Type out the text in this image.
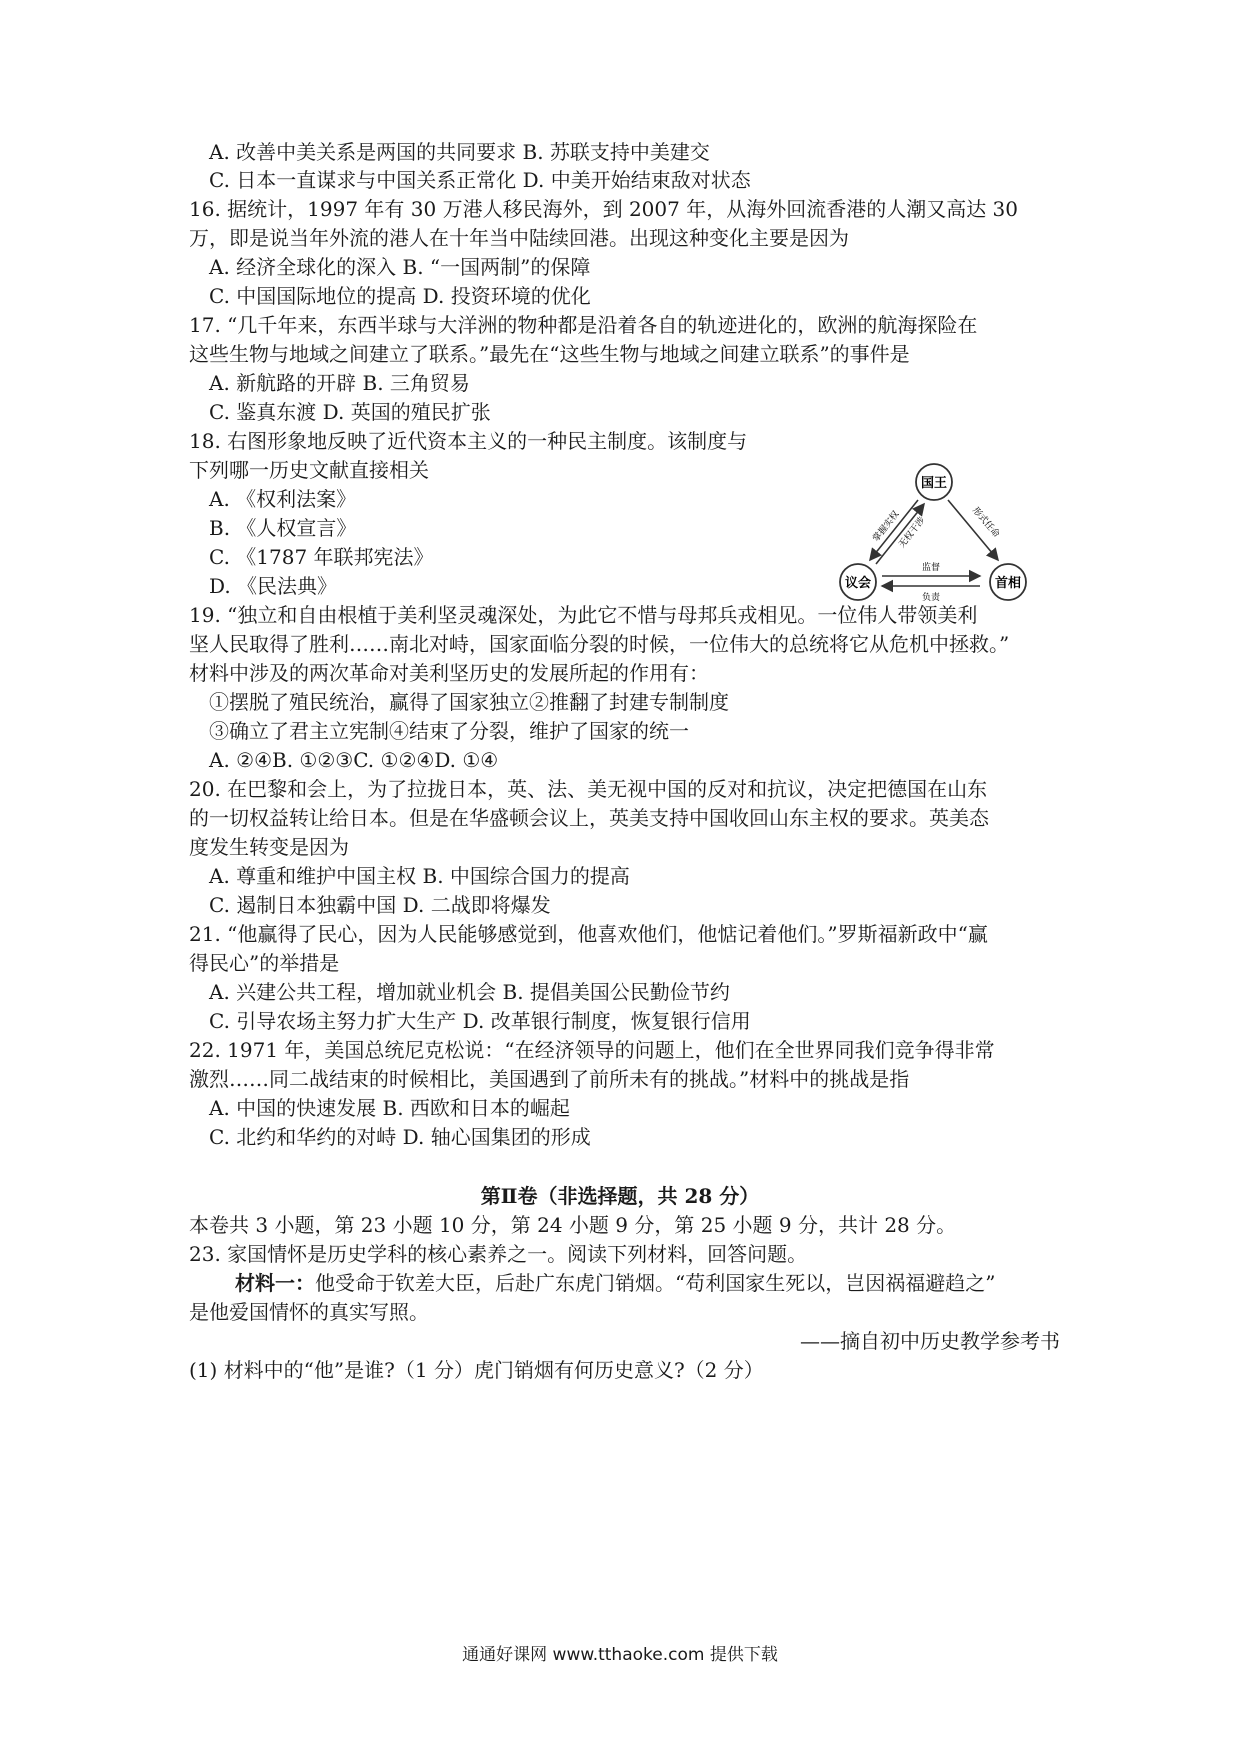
A. 改善中美关系是两国的共同要求 B. 苏联支持中美建交
C. 日本一直谋求与中国关系正常化 D. 中美开始结束敌对状态
16. 据统计，1997 年有 30 万港人移民海外，到 2007 年，从海外回流香港的人潮又高达 30
万，即是说当年外流的港人在十年当中陆续回港。出现这种变化主要是因为
A. 经济全球化的深入 B. “一国两制”的保障
C. 中国国际地位的提高 D. 投资环境的优化
17. “几千年来，东西半球与大洋洲的物种都是沿着各自的轨迹进化的，欧洲的航海探险在
这些生物与地域之间建立了联系。”最先在“这些生物与地域之间建立联系”的事件是
A. 新航路的开辟 B. 三角贸易
C. 鉴真东渡 D. 英国的殖民扩张
18. 右图形象地反映了近代资本主义的一种民主制度。该制度与
下列哪一历史文献直接相关
A. 《权利法案》
B. 《人权宣言》
C. 《1787 年联邦宪法》
D. 《民法典》
国王
议会	首相
掌握实权
无权干涉	形式任命
监督
负责
19. “独立和自由根植于美利坚灵魂深处，为此它不惜与母邦兵戎相见。一位伟人带领美利
坚人民取得了胜利……南北对峙，国家面临分裂的时候，一位伟大的总统将它从危机中拯救。”
材料中涉及的两次革命对美利坚历史的发展所起的作用有：
①摆脱了殖民统治，赢得了国家独立②推翻了封建专制制度
③确立了君主立宪制④结束了分裂，维护了国家的统一
A. ②④B. ①②③C. ①②④D. ①④
20. 在巴黎和会上，为了拉拢日本，英、法、美无视中国的反对和抗议，决定把德国在山东
的一切权益转让给日本。但是在华盛顿会议上，英美支持中国收回山东主权的要求。英美态
度发生转变是因为
A. 尊重和维护中国主权 B. 中国综合国力的提高
C. 遏制日本独霸中国 D. 二战即将爆发
21. “他赢得了民心，因为人民能够感觉到，他喜欢他们，他惦记着他们。”罗斯福新政中“赢
得民心”的举措是
A. 兴建公共工程，增加就业机会 B. 提倡美国公民勤俭节约
C. 引导农场主努力扩大生产 D. 改革银行制度，恢复银行信用
22. 1971 年，美国总统尼克松说：“在经济领导的问题上，他们在全世界同我们竞争得非常
激烈……同二战结束的时候相比，美国遇到了前所未有的挑战。”材料中的挑战是指
A. 中国的快速发展 B. 西欧和日本的崛起
C. 北约和华约的对峙 D. 轴心国集团的形成
第Ⅱ卷（非选择题，共 28 分）
本卷共 3 小题，第 23 小题 10 分，第 24 小题 9 分，第 25 小题 9 分，共计 28 分。
23. 家国情怀是历史学科的核心素养之一。阅读下列材料，回答问题。
材料一：他受命于钦差大臣，后赴广东虎门销烟。“苟利国家生死以，岂因祸福避趋之”
是他爱国情怀的真实写照。
——摘自初中历史教学参考书
(1) 材料中的“他”是谁?（1 分）虎门销烟有何历史意义?（2 分）
通通好课网 www.tthaoke.com 提供下载
